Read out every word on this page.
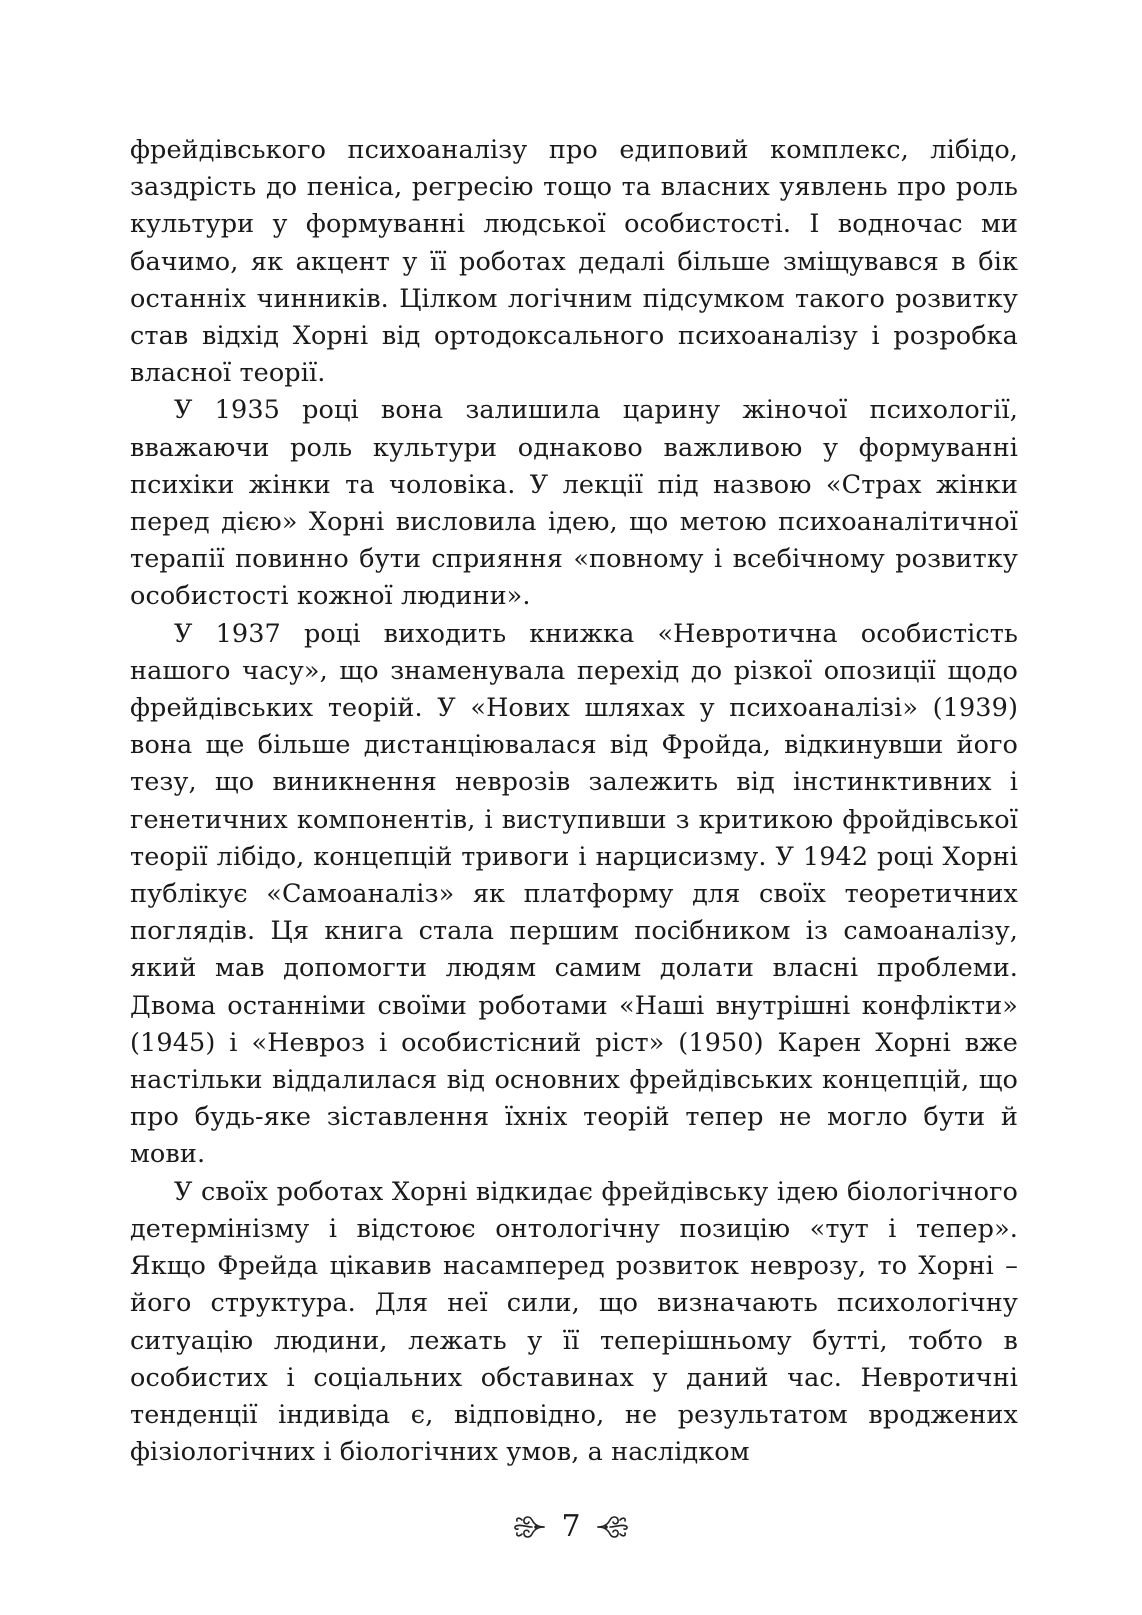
фрейдівського психоаналізу про едиповий комплекс, лібідо, заздрість до пеніса, регресію тощо та власних уявлень про роль культури у формуванні людської особистості. І водночас ми бачимо, як акцент у її роботах дедалі більше зміщувався в бік останніх чинників. Цілком логічним підсумком такого розвитку став відхід Хорні від ортодоксального психоаналізу і розробка власної теорії.

У 1935 році вона залишила царину жіночої психології, вважаючи роль культури однаково важливою у формуванні психіки жінки та чоловіка. У лекції під назвою «Страх жінки перед дією» Хорні висловила ідею, що метою психоаналітичної терапії повинно бути сприяння «повному і всебічному розвитку особистості кожної людини».

У 1937 році виходить книжка «Невротична особистість нашого часу», що знаменувала перехід до різкої опозиції щодо фрейдівських теорій. У «Нових шляхах у психоаналізі» (1939) вона ще більше дистанціювалася від Фройда, відкинувши його тезу, що виникнення неврозів залежить від інстинктивних і генетичних компонентів, і виступивши з критикою фройдівської теорії лібідо, концепцій тривоги і нарцисизму. У 1942 році Хорні публікує «Самоаналіз» як платформу для своїх теоретичних поглядів. Ця книга стала першим посібником із самоаналізу, який мав допомогти людям самим долати власні проблеми. Двома останніми своїми роботами «Наші внутрішні конфлікти» (1945) і «Невроз і особистісний ріст» (1950) Карен Хорні вже настільки віддалилася від основних фрейдівських концепцій, що про будь-яке зіставлення їхніх теорій тепер не могло бути й мови.

У своїх роботах Хорні відкидає фрейдівську ідею біологічного детермінізму і відстоює онтологічну позицію «тут і тепер». Якщо Фрейда цікавив насамперед розвиток неврозу, то Хорні – його структура. Для неї сили, що визначають психологічну ситуацію людини, лежать у її теперішньому бутті, тобто в особистих і соціальних обставинах у даний час. Невротичні тенденції індивіда є, відповідно, не результатом вроджених фізіологічних і біологічних умов, а наслідком

7
